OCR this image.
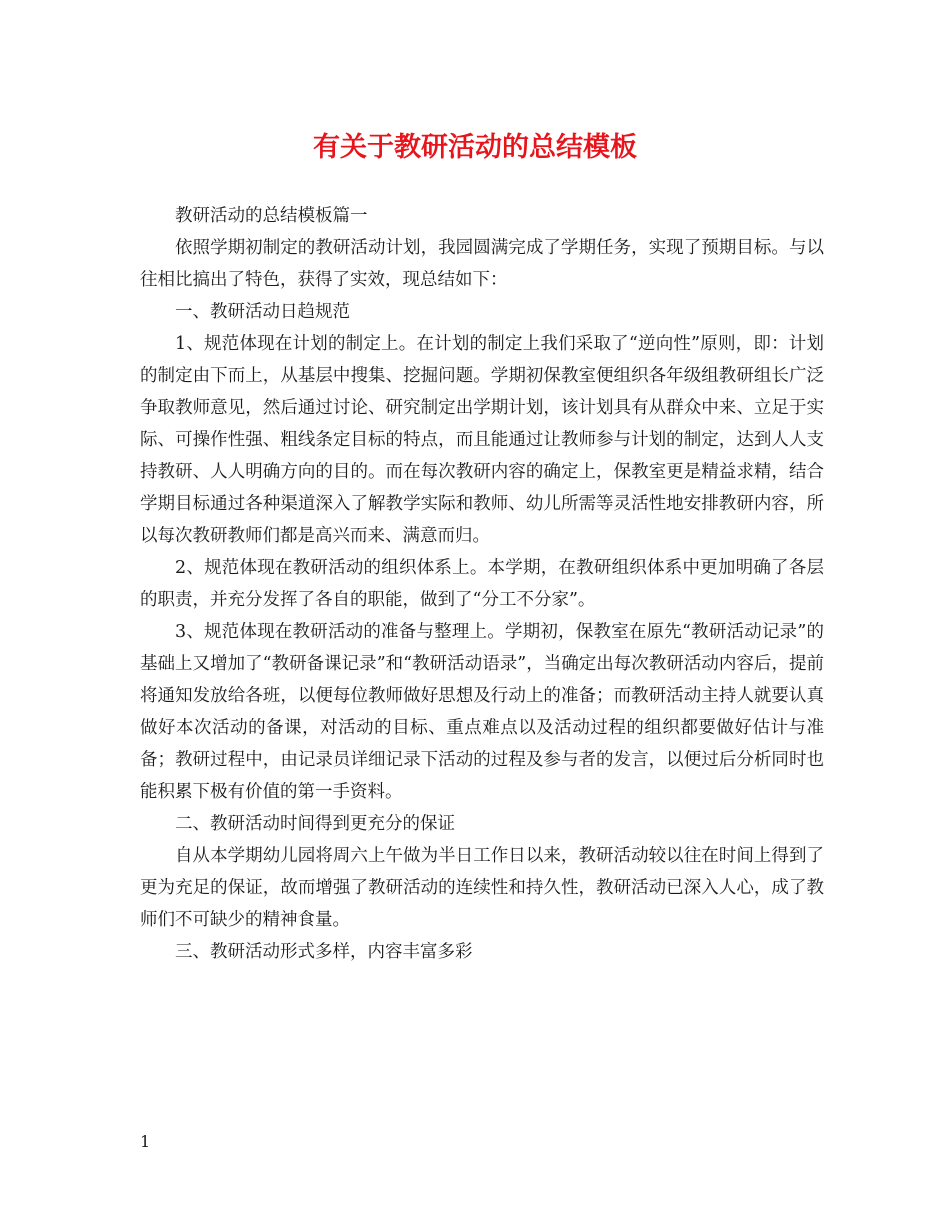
有关于教研活动的总结模板

教研活动的总结模板篇一

依照学期初制定的教研活动计划，我园圆满完成了学期任务，实现了预期目标。与以往相比搞出了特色，获得了实效，现总结如下：

一、教研活动日趋规范

1、规范体现在计划的制定上。在计划的制定上我们采取了“逆向性”原则，即：计划的制定由下而上，从基层中搜集、挖掘问题。学期初保教室便组织各年级组教研组长广泛争取教师意见，然后通过讨论、研究制定出学期计划，该计划具有从群众中来、立足于实际、可操作性强、粗线条定目标的特点，而且能通过让教师参与计划的制定，达到人人支持教研、人人明确方向的目的。而在每次教研内容的确定上，保教室更是精益求精，结合学期目标通过各种渠道深入了解教学实际和教师、幼儿所需等灵活性地安排教研内容，所以每次教研教师们都是高兴而来、满意而归。

2、规范体现在教研活动的组织体系上。本学期，在教研组织体系中更加明确了各层的职责，并充分发挥了各自的职能，做到了“分工不分家”。

3、规范体现在教研活动的准备与整理上。学期初，保教室在原先“教研活动记录”的基础上又增加了“教研备课记录”和“教研活动语录”，当确定出每次教研活动内容后，提前将通知发放给各班，以便每位教师做好思想及行动上的准备；而教研活动主持人就要认真做好本次活动的备课，对活动的目标、重点难点以及活动过程的组织都要做好估计与准备；教研过程中，由记录员详细记录下活动的过程及参与者的发言，以便过后分析同时也能积累下极有价值的第一手资料。

二、教研活动时间得到更充分的保证

自从本学期幼儿园将周六上午做为半日工作日以来，教研活动较以往在时间上得到了更为充足的保证，故而增强了教研活动的连续性和持久性，教研活动已深入人心，成了教师们不可缺少的精神食量。

三、教研活动形式多样，内容丰富多彩

1
